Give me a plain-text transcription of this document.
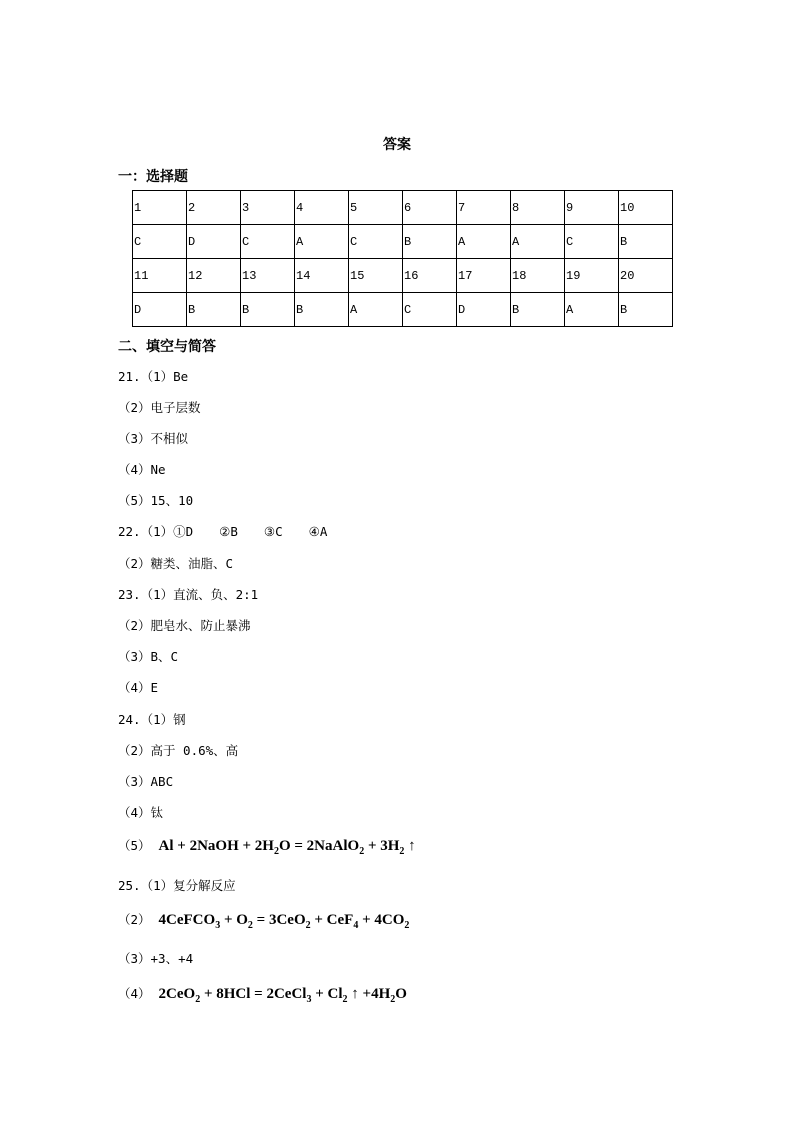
答案
一：选择题
1	2	3	4	5	6	7	8	9	10
C	D	C	A	C	B	A	A	C	B
11	12	13	14	15	16	17	18	19	20
D	B	B	B	A	C	D	B	A	B
二、填空与简答
21.（1）Be
（2）电子层数
（3）不相似
（4）Ne
（5）15、10
22.（1）①D ②B ③C ④A
（2）糖类、油脂、C
23.（1）直流、负、2:1
（2）肥皂水、防止暴沸
（3）B、C
（4）E
24.（1）钢
（2）高于 0.6%、高
（3）ABC
（4）钛
（5） Al + 2NaOH + $2H_2O$ = 2NaAlO$_2$ + $3H_2$ ↑
25.（1）复分解反应
（2） 4CeFCO$_3$ + $O_2 = 3CeO_2 + CeF_4 + 4CO_2$
（3）+3、+4
（4） 2CeO$_2$ + 8HCl = 2CeCl$_3$ + $Cl_2$ ↑ $+4H_2O$
